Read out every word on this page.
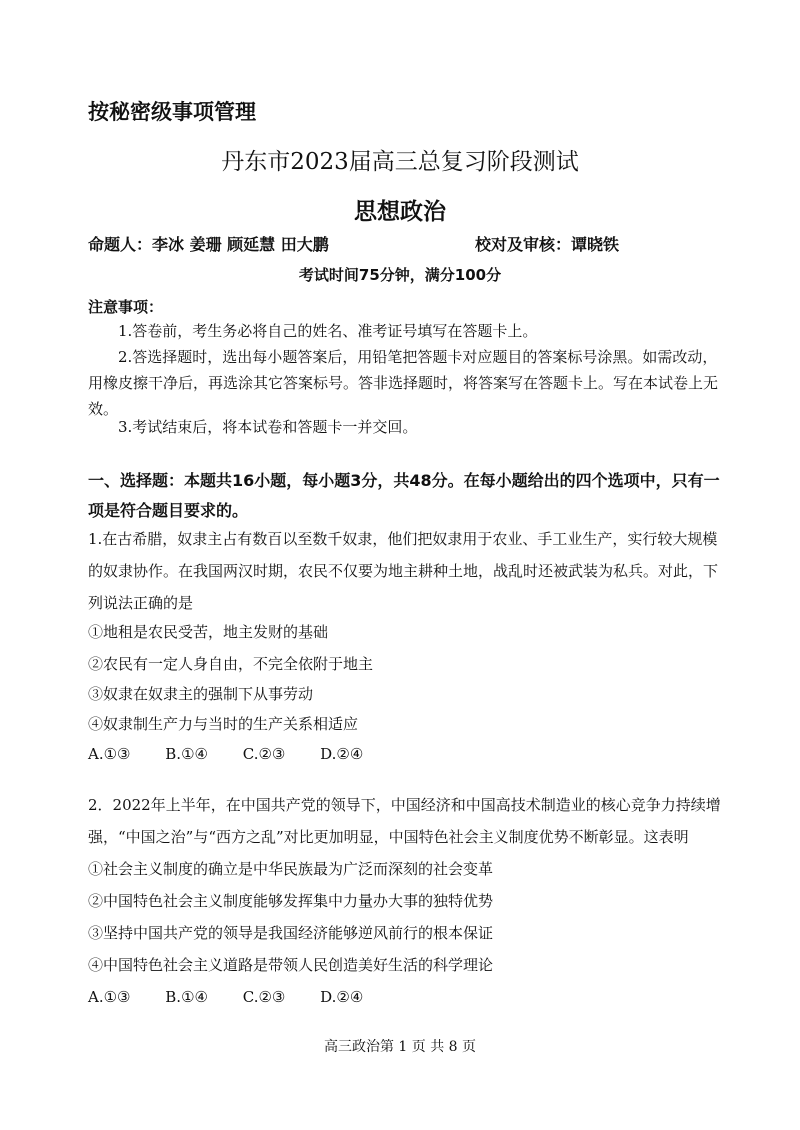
按秘密级事项管理
丹东市2023届高三总复习阶段测试
思想政治
命题人：李冰 姜珊 顾延慧 田大鹏	校对及审核：谭晓铁
考试时间75分钟，满分100分
注意事项：
1.答卷前，考生务必将自己的姓名、准考证号填写在答题卡上。
2.答选择题时，选出每小题答案后，用铅笔把答题卡对应题目的答案标号涂黑。如需改动，用橡皮擦干净后，再选涂其它答案标号。答非选择题时，将答案写在答题卡上。写在本试卷上无效。
3.考试结束后，将本试卷和答题卡一并交回。
一、选择题：本题共16小题，每小题3分，共48分。在每小题给出的四个选项中，只有一项是符合题目要求的。
1.在古希腊，奴隶主占有数百以至数千奴隶，他们把奴隶用于农业、手工业生产，实行较大规模的奴隶协作。在我国两汉时期，农民不仅要为地主耕种土地，战乱时还被武装为私兵。对此，下列说法正确的是
①地租是农民受苦，地主发财的基础
②农民有一定人身自由，不完全依附于地主
③奴隶在奴隶主的强制下从事劳动
④奴隶制生产力与当时的生产关系相适应
A.①③ B.①④ C.②③ D.②④
2．2022年上半年，在中国共产党的领导下，中国经济和中国高技术制造业的核心竞争力持续增强，“中国之治”与“西方之乱”对比更加明显，中国特色社会主义制度优势不断彰显。这表明
①社会主义制度的确立是中华民族最为广泛而深刻的社会变革
②中国特色社会主义制度能够发挥集中力量办大事的独特优势
③坚持中国共产党的领导是我国经济能够逆风前行的根本保证
④中国特色社会主义道路是带领人民创造美好生活的科学理论
A.①③ B.①④ C.②③ D.②④
高三政治第 1 页 共 8 页
